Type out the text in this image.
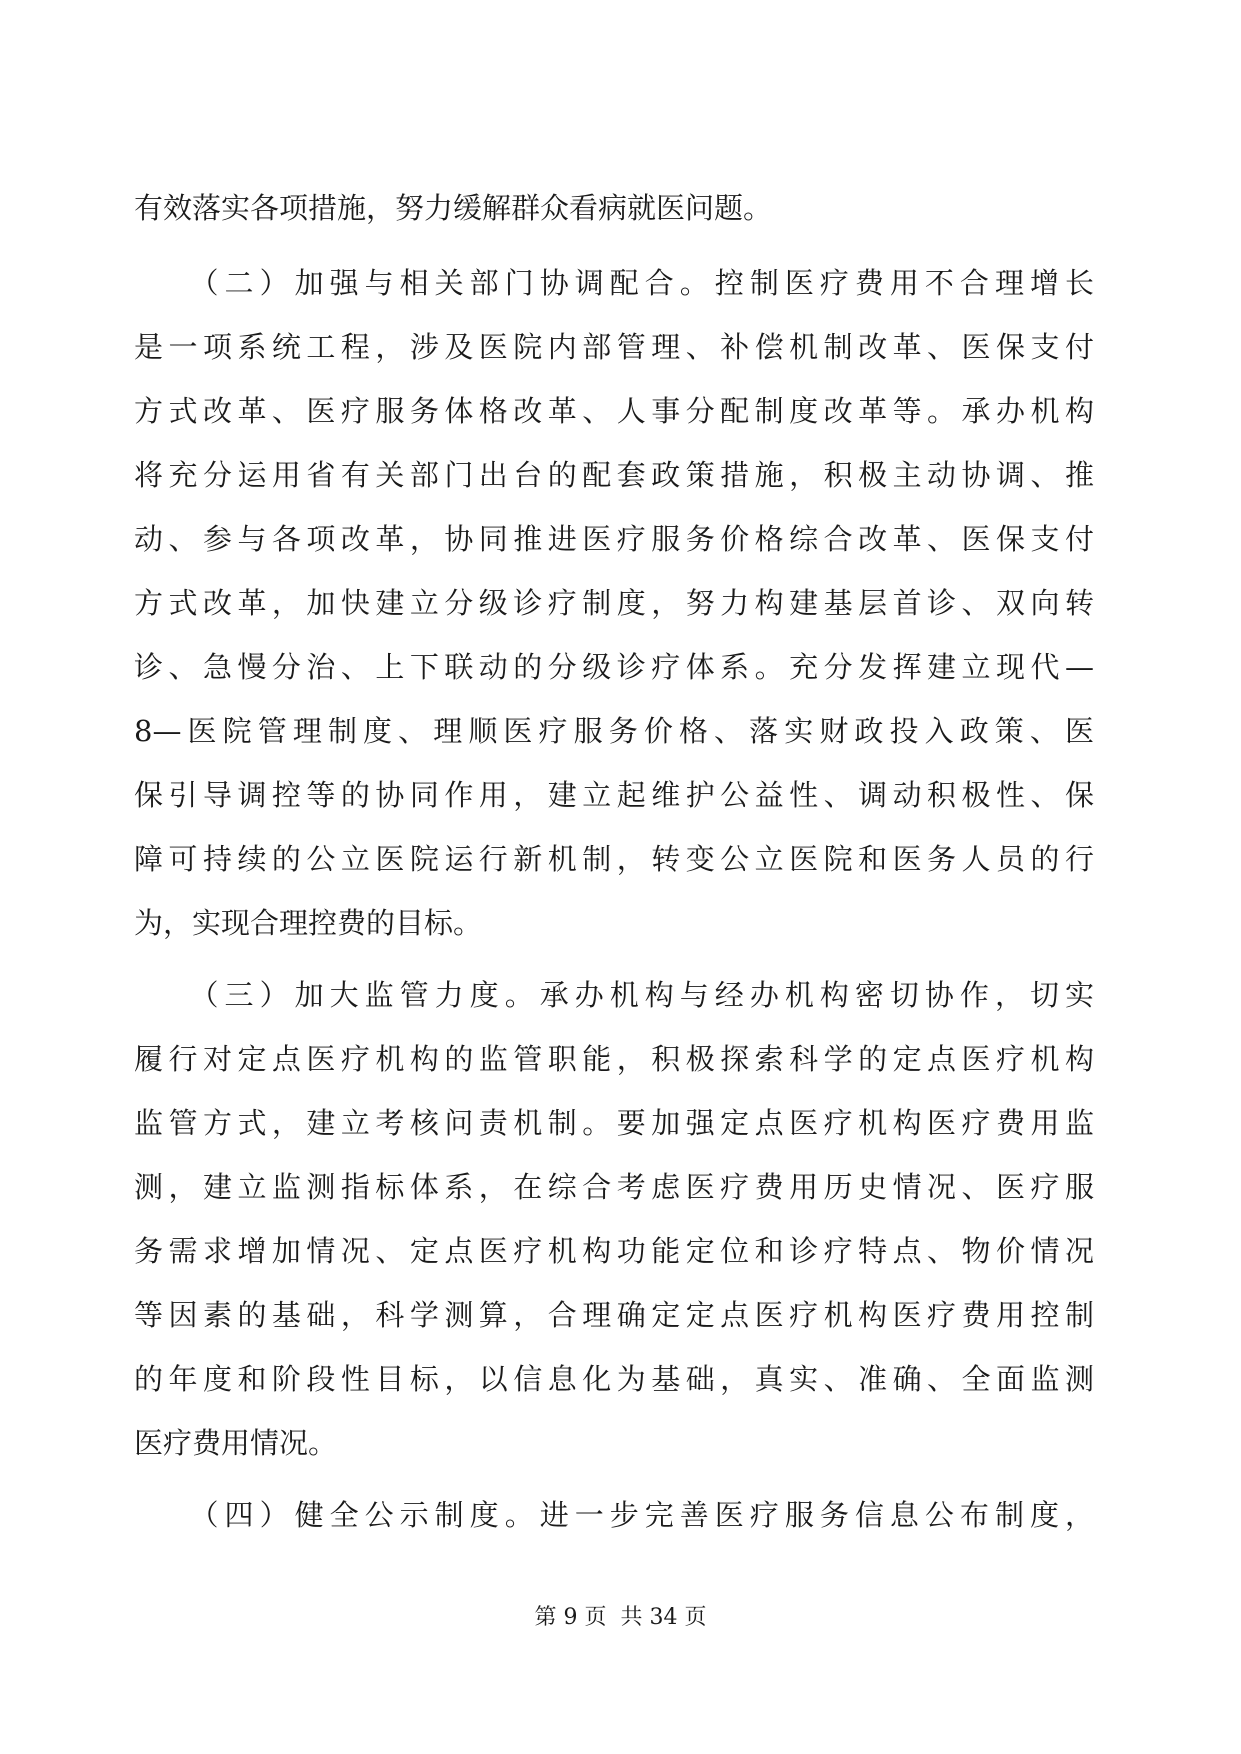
有效落实各项措施，努力缓解群众看病就医问题。
　　（二）加强与相关部门协调配合。控制医疗费用不合理增长
是一项系统工程，涉及医院内部管理、补偿机制改革、医保支付
方式改革、医疗服务体格改革、人事分配制度改革等。承办机构
将充分运用省有关部门出台的配套政策措施，积极主动协调、推
动、参与各项改革，协同推进医疗服务价格综合改革、医保支付
方式改革，加快建立分级诊疗制度，努力构建基层首诊、双向转
诊、急慢分治、上下联动的分级诊疗体系。充分发挥建立现代—
8—医院管理制度、理顺医疗服务价格、落实财政投入政策、医
保引导调控等的协同作用，建立起维护公益性、调动积极性、保
障可持续的公立医院运行新机制，转变公立医院和医务人员的行
为，实现合理控费的目标。
　　（三）加大监管力度。承办机构与经办机构密切协作，切实
履行对定点医疗机构的监管职能，积极探索科学的定点医疗机构
监管方式，建立考核问责机制。要加强定点医疗机构医疗费用监
测，建立监测指标体系，在综合考虑医疗费用历史情况、医疗服
务需求增加情况、定点医疗机构功能定位和诊疗特点、物价情况
等因素的基础，科学测算，合理确定定点医疗机构医疗费用控制
的年度和阶段性目标，以信息化为基础，真实、准确、全面监测
医疗费用情况。
　　（四）健全公示制度。进一步完善医疗服务信息公布制度，
第 9 页  共 34 页
